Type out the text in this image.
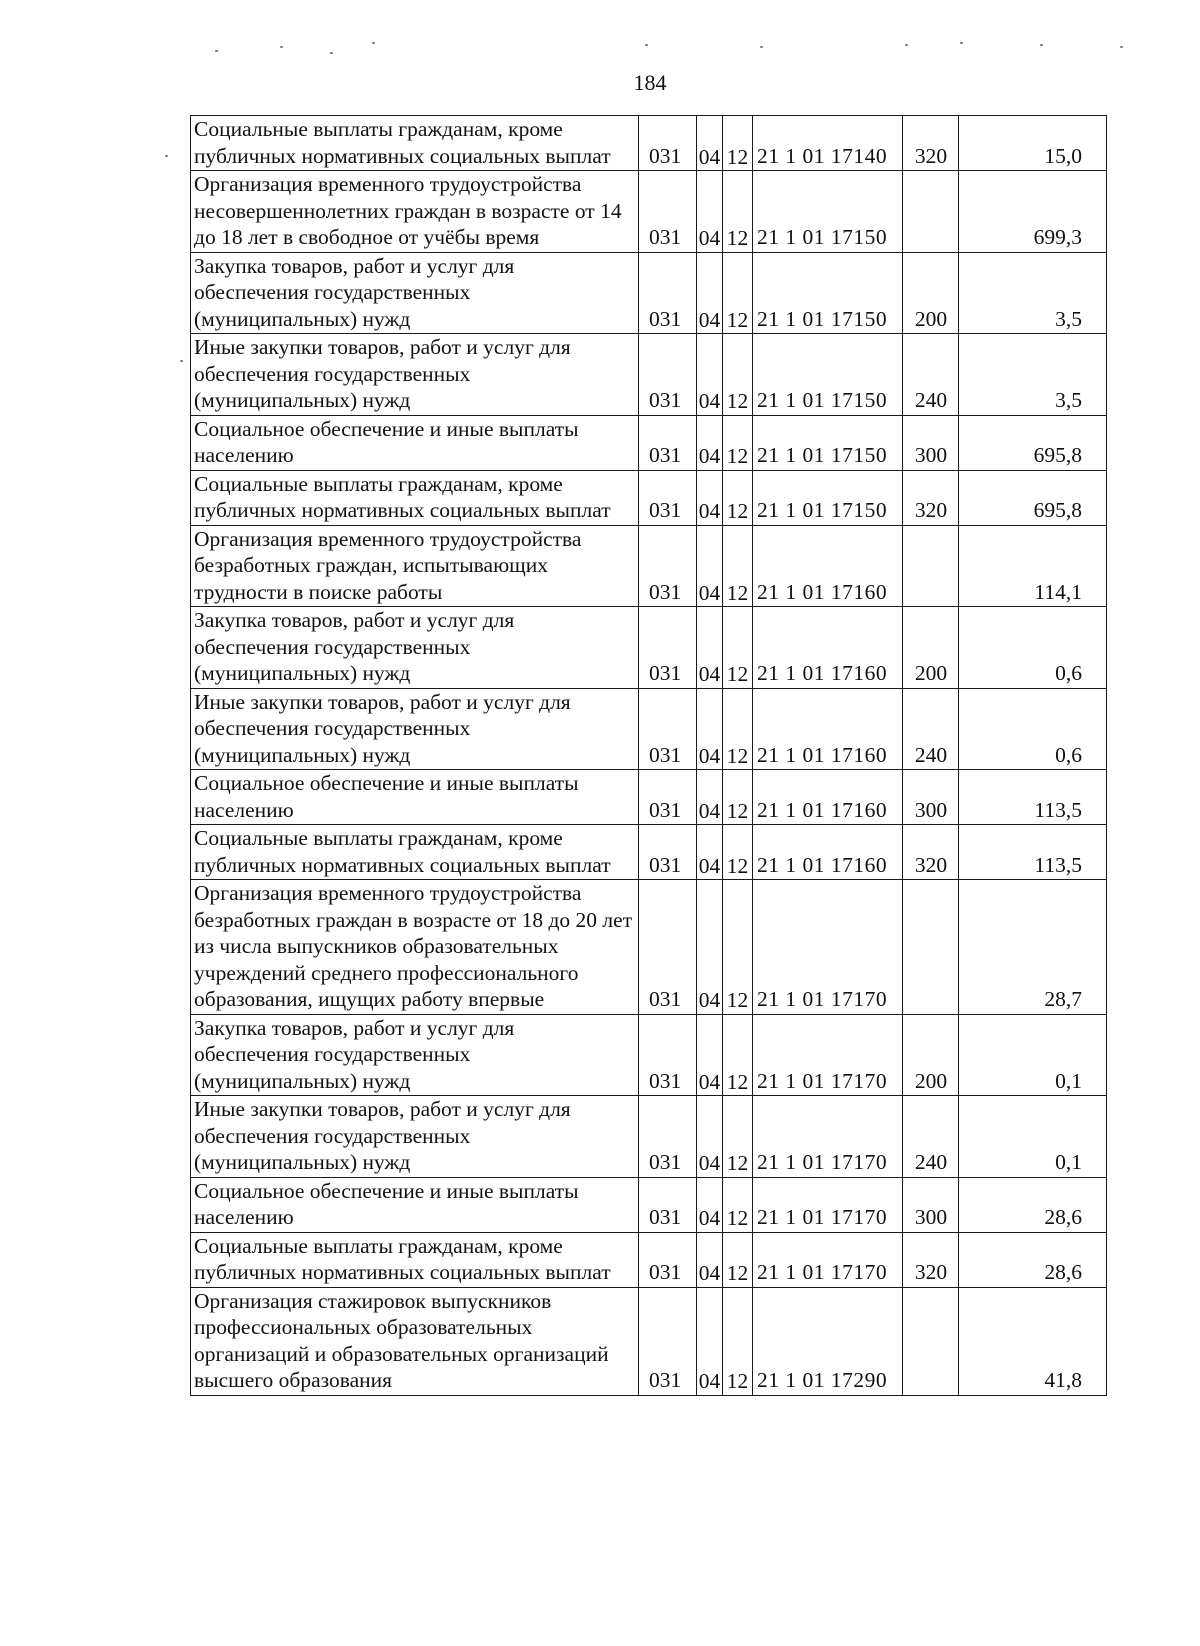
184
Социальные выплаты гражданам, кроме публичных нормативных социальных выплат	031	04	12	21 1 01 17140	320	15,0
Организация временного трудоустройства несовершеннолетних граждан в возрасте от 14 до 18 лет в свободное от учёбы время	031	04	12	21 1 01 17150		699,3
Закупка товаров, работ и услуг для обеспечения государственных (муниципальных) нужд	031	04	12	21 1 01 17150	200	3,5
Иные закупки товаров, работ и услуг для обеспечения государственных (муниципальных) нужд	031	04	12	21 1 01 17150	240	3,5
Социальное обеспечение и иные выплаты населению	031	04	12	21 1 01 17150	300	695,8
Социальные выплаты гражданам, кроме публичных нормативных социальных выплат	031	04	12	21 1 01 17150	320	695,8
Организация временного трудоустройства безработных граждан, испытывающих трудности в поиске работы	031	04	12	21 1 01 17160		114,1
Закупка товаров, работ и услуг для обеспечения государственных (муниципальных) нужд	031	04	12	21 1 01 17160	200	0,6
Иные закупки товаров, работ и услуг для обеспечения государственных (муниципальных) нужд	031	04	12	21 1 01 17160	240	0,6
Социальное обеспечение и иные выплаты населению	031	04	12	21 1 01 17160	300	113,5
Социальные выплаты гражданам, кроме публичных нормативных социальных выплат	031	04	12	21 1 01 17160	320	113,5
Организация временного трудоустройства безработных граждан в возрасте от 18 до 20 лет из числа выпускников образовательных учреждений среднего профессионального образования, ищущих работу впервые	031	04	12	21 1 01 17170		28,7
Закупка товаров, работ и услуг для обеспечения государственных (муниципальных) нужд	031	04	12	21 1 01 17170	200	0,1
Иные закупки товаров, работ и услуг для обеспечения государственных (муниципальных) нужд	031	04	12	21 1 01 17170	240	0,1
Социальное обеспечение и иные выплаты населению	031	04	12	21 1 01 17170	300	28,6
Социальные выплаты гражданам, кроме публичных нормативных социальных выплат	031	04	12	21 1 01 17170	320	28,6
Организация стажировок выпускников профессиональных образовательных организаций и образовательных организаций высшего образования	031	04	12	21 1 01 17290		41,8
